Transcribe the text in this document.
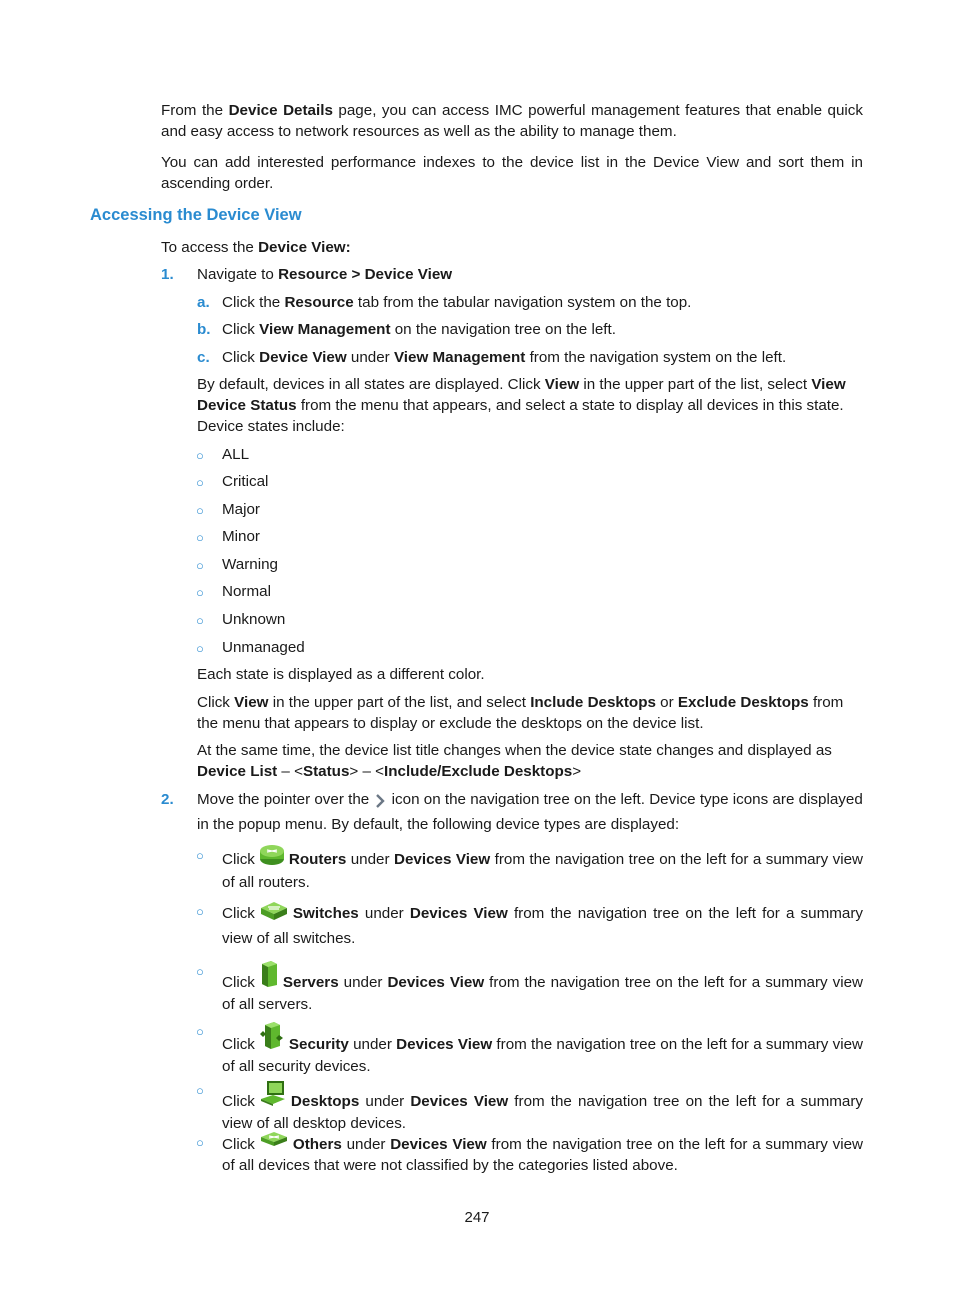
From the Device Details page, you can access IMC powerful management features that enable quick and easy access to network resources as well as the ability to manage them.

You can add interested performance indexes to the device list in the Device View and sort them in ascending order.

Accessing the Device View

To access the Device View:

1. Navigate to Resource > Device View

a. Click the Resource tab from the tabular navigation system on the top.

b. Click View Management on the navigation tree on the left.

c. Click Device View under View Management from the navigation system on the left.

By default, devices in all states are displayed. Click View in the upper part of the list, select View Device Status from the menu that appears, and select a state to display all devices in this state. Device states include:

○ ALL
○ Critical
○ Major
○ Minor
○ Warning
○ Normal
○ Unknown
○ Unmanaged

Each state is displayed as a different color.

Click View in the upper part of the list, and select Include Desktops or Exclude Desktops from the menu that appears to display or exclude the desktops on the device list.

At the same time, the device list title changes when the device state changes and displayed as Device List – <Status> – <Include/Exclude Desktops>

2. Move the pointer over the  icon on the navigation tree on the left. Device type icons are displayed in the popup menu. By default, the following device types are displayed:

○ Click Routers under Devices View from the navigation tree on the left for a summary view of all routers.

○ Click	Switches under Devices View from the navigation tree on the left for a summary view of all switches.

○

Click Servers under Devices View from the navigation tree on the left for a summary view of all servers.

○

Click Security under Devices View from the navigation tree on the left for a summary view of all security devices.

○

Click Desktops under Devices View from the navigation tree on the left for a summary view of all desktop devices.

○ Click	Others under Devices View from the navigation tree on the left for a summary view of all devices that were not classified by the categories listed above.

247
